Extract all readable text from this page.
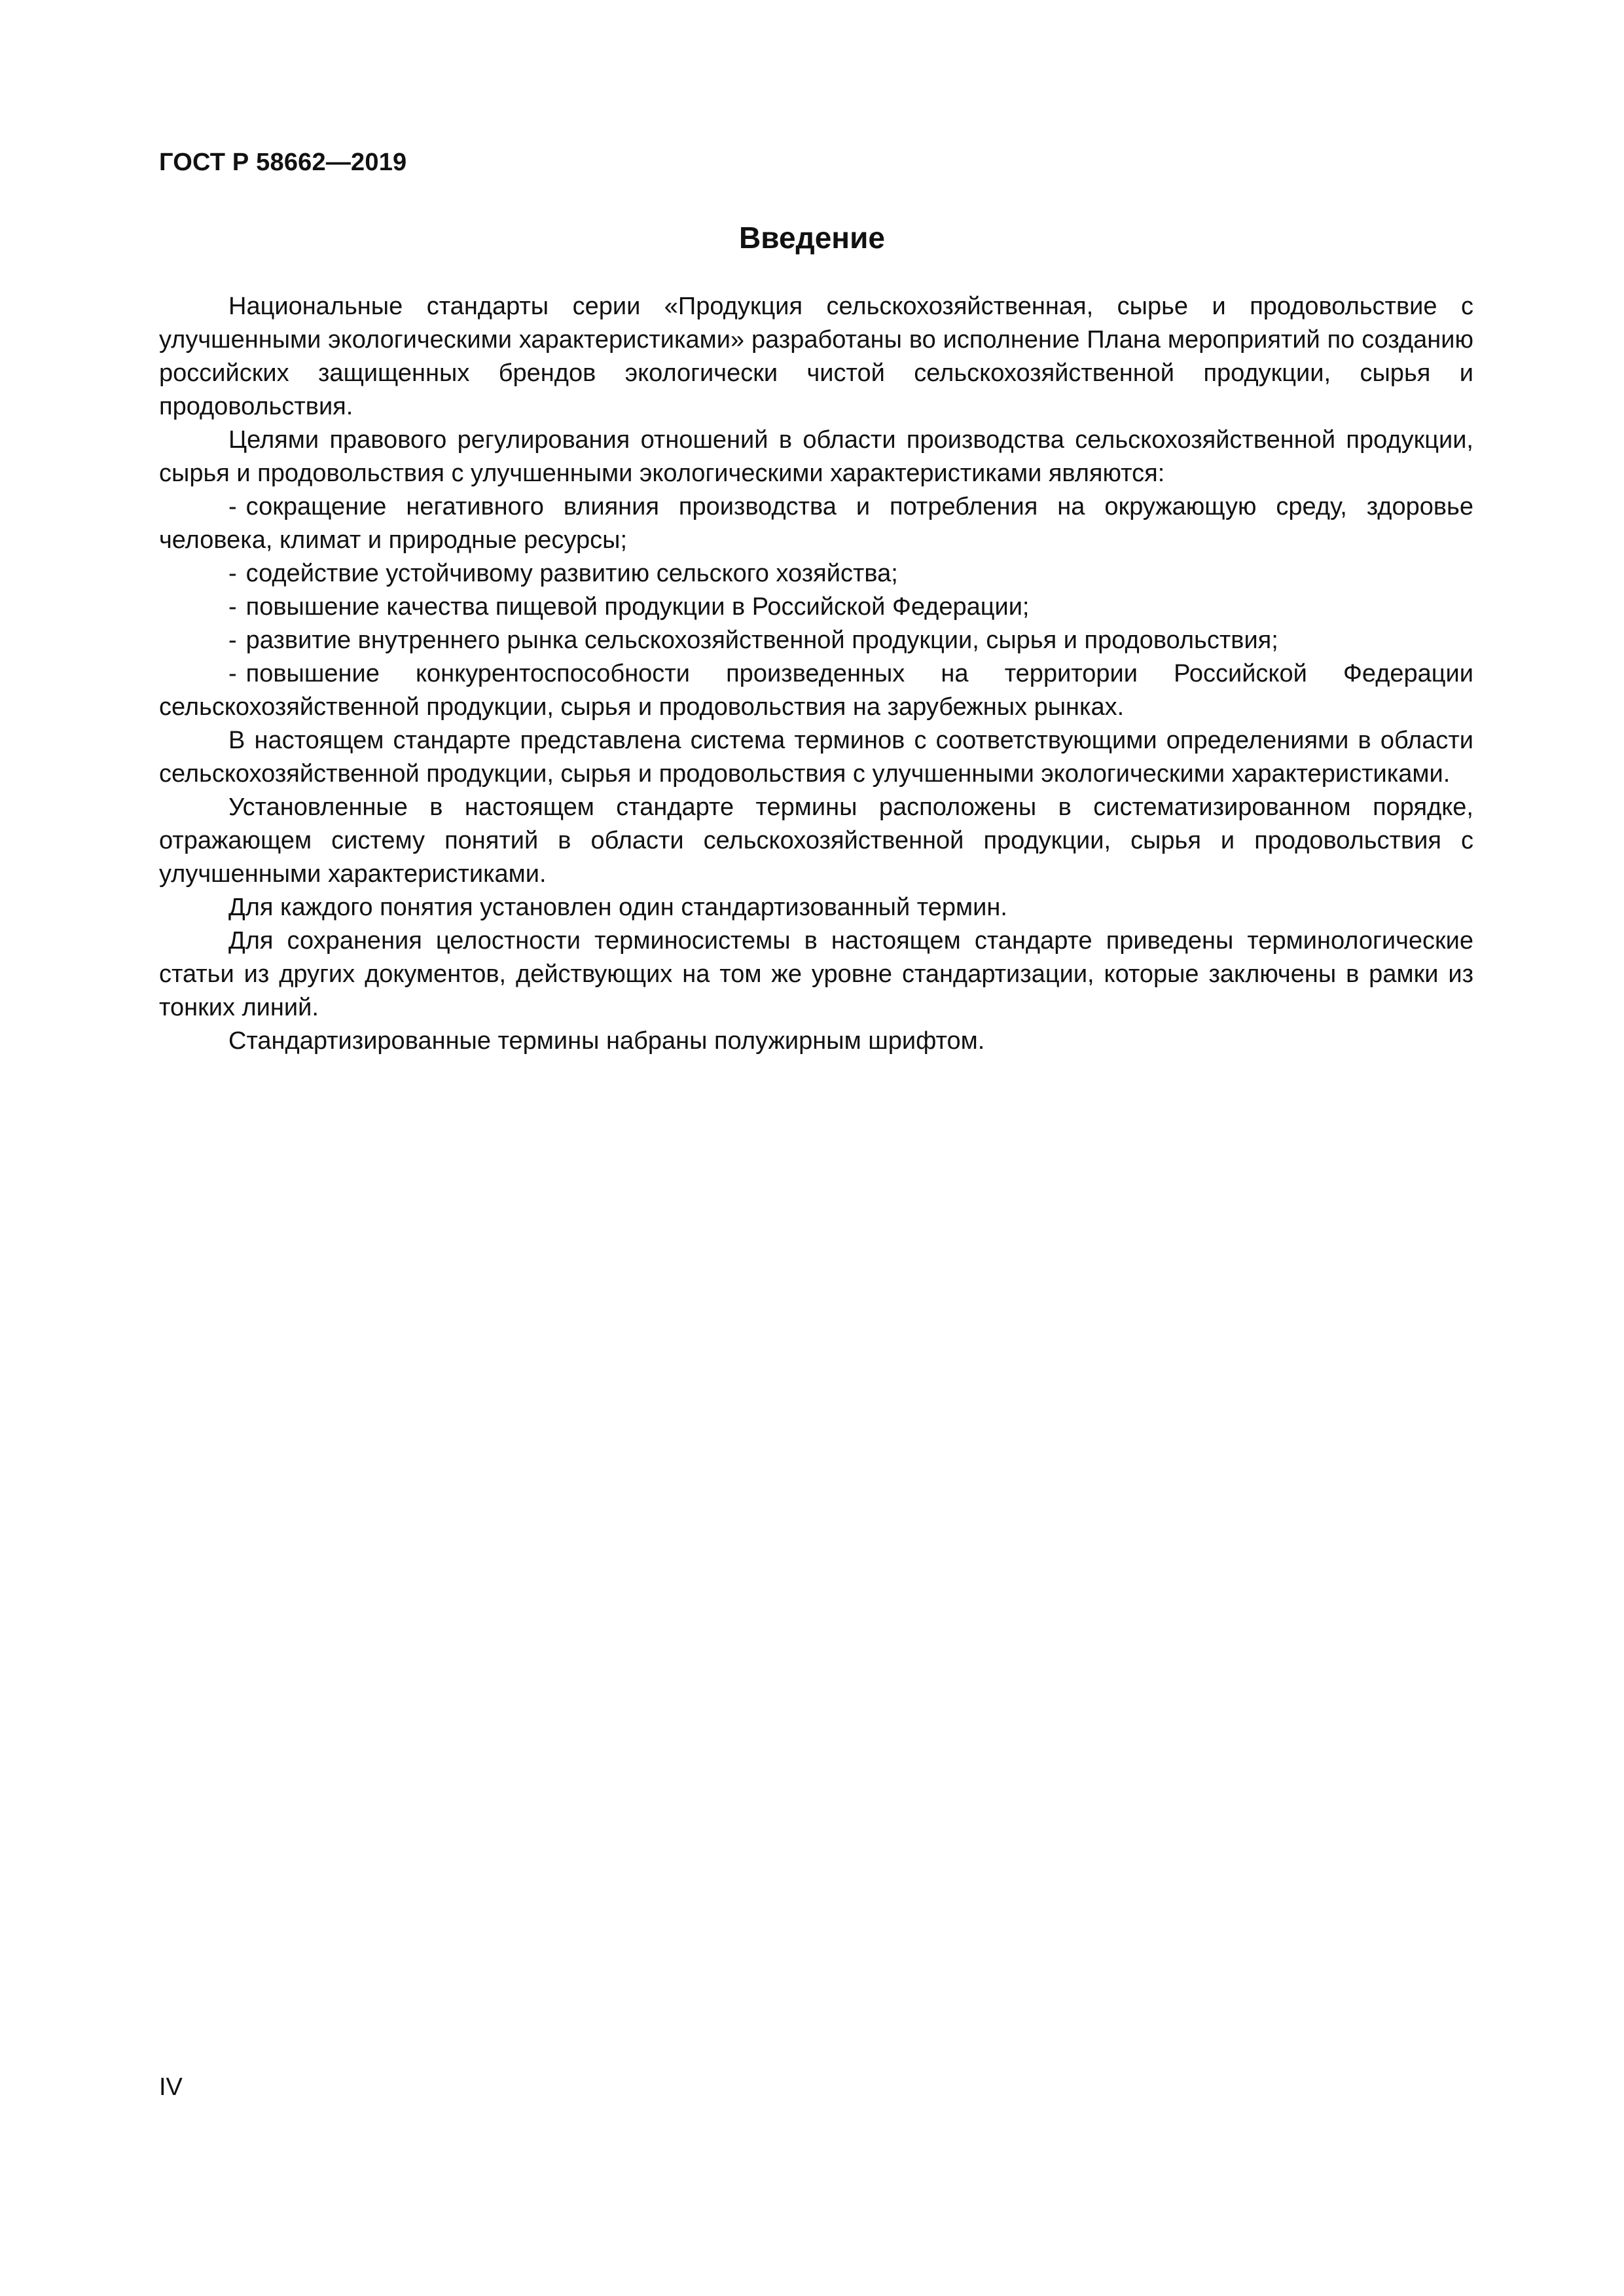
ГОСТ Р 58662—2019
Введение

Национальные стандарты серии «Продукция сельскохозяйственная, сырье и продовольствие с улучшенными экологическими характеристиками» разработаны во исполнение Плана мероприятий по созданию российских защищенных брендов экологически чистой сельскохозяйственной продукции, сырья и продовольствия.

Целями правового регулирования отношений в области производства сельскохозяйственной продукции, сырья и продовольствия с улучшенными экологическими характеристиками являются:

- сокращение негативного влияния производства и потребления на окружающую среду, здоровье человека, климат и природные ресурсы;
- содействие устойчивому развитию сельского хозяйства;
- повышение качества пищевой продукции в Российской Федерации;
- развитие внутреннего рынка сельскохозяйственной продукции, сырья и продовольствия;
- повышение конкурентоспособности произведенных на территории Российской Федерации сельскохозяйственной продукции, сырья и продовольствия на зарубежных рынках.

В настоящем стандарте представлена система терминов с соответствующими определениями в области сельскохозяйственной продукции, сырья и продовольствия с улучшенными экологическими характеристиками.

Установленные в настоящем стандарте термины расположены в систематизированном порядке, отражающем систему понятий в области сельскохозяйственной продукции, сырья и продовольствия с улучшенными характеристиками.

Для каждого понятия установлен один стандартизованный термин.

Для сохранения целостности терминосистемы в настоящем стандарте приведены терминологические статьи из других документов, действующих на том же уровне стандартизации, которые заключены в рамки из тонких линий.

Стандартизированные термины набраны полужирным шрифтом.

IV
